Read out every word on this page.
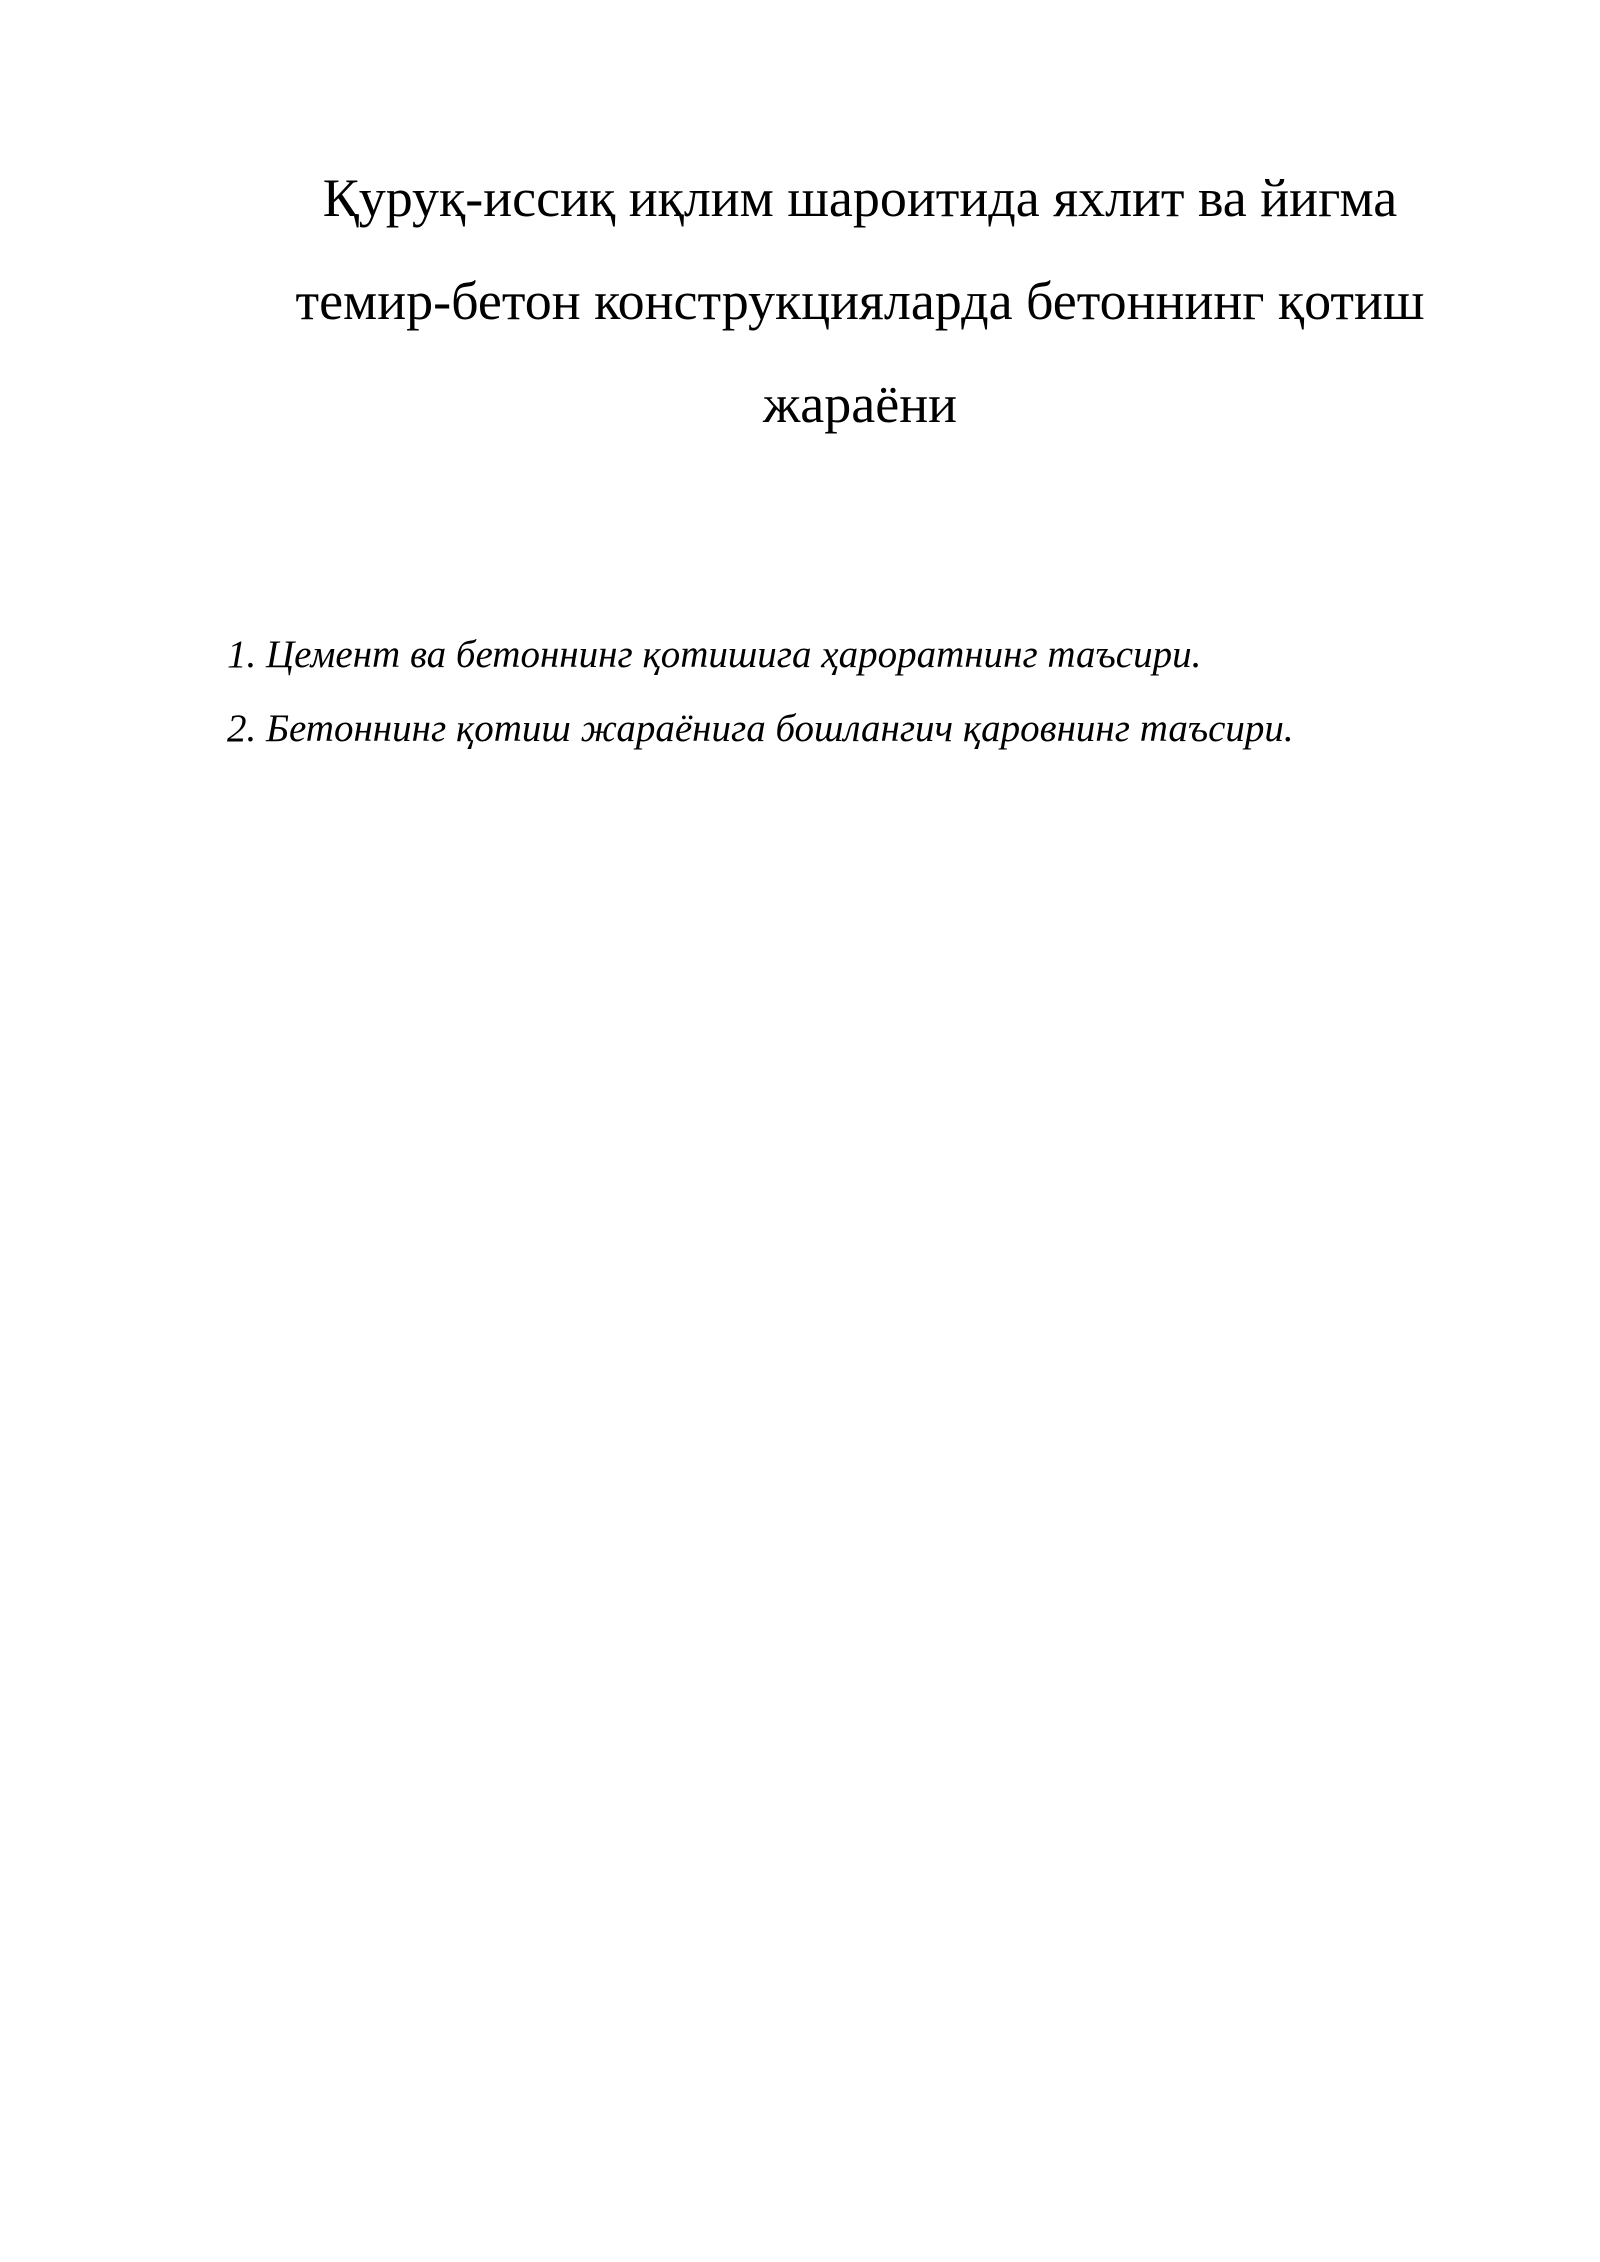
Қуруқ-иссиқ иқлим шароитида яхлит ва йигма
темир-бетон конструкцияларда бетоннинг қотиш
жараёни
1. Цемент ва бетоннинг қотишига ҳароратнинг таъсири.
2. Бетоннинг қотиш жараёнига бошлангич қаровнинг таъсири.
